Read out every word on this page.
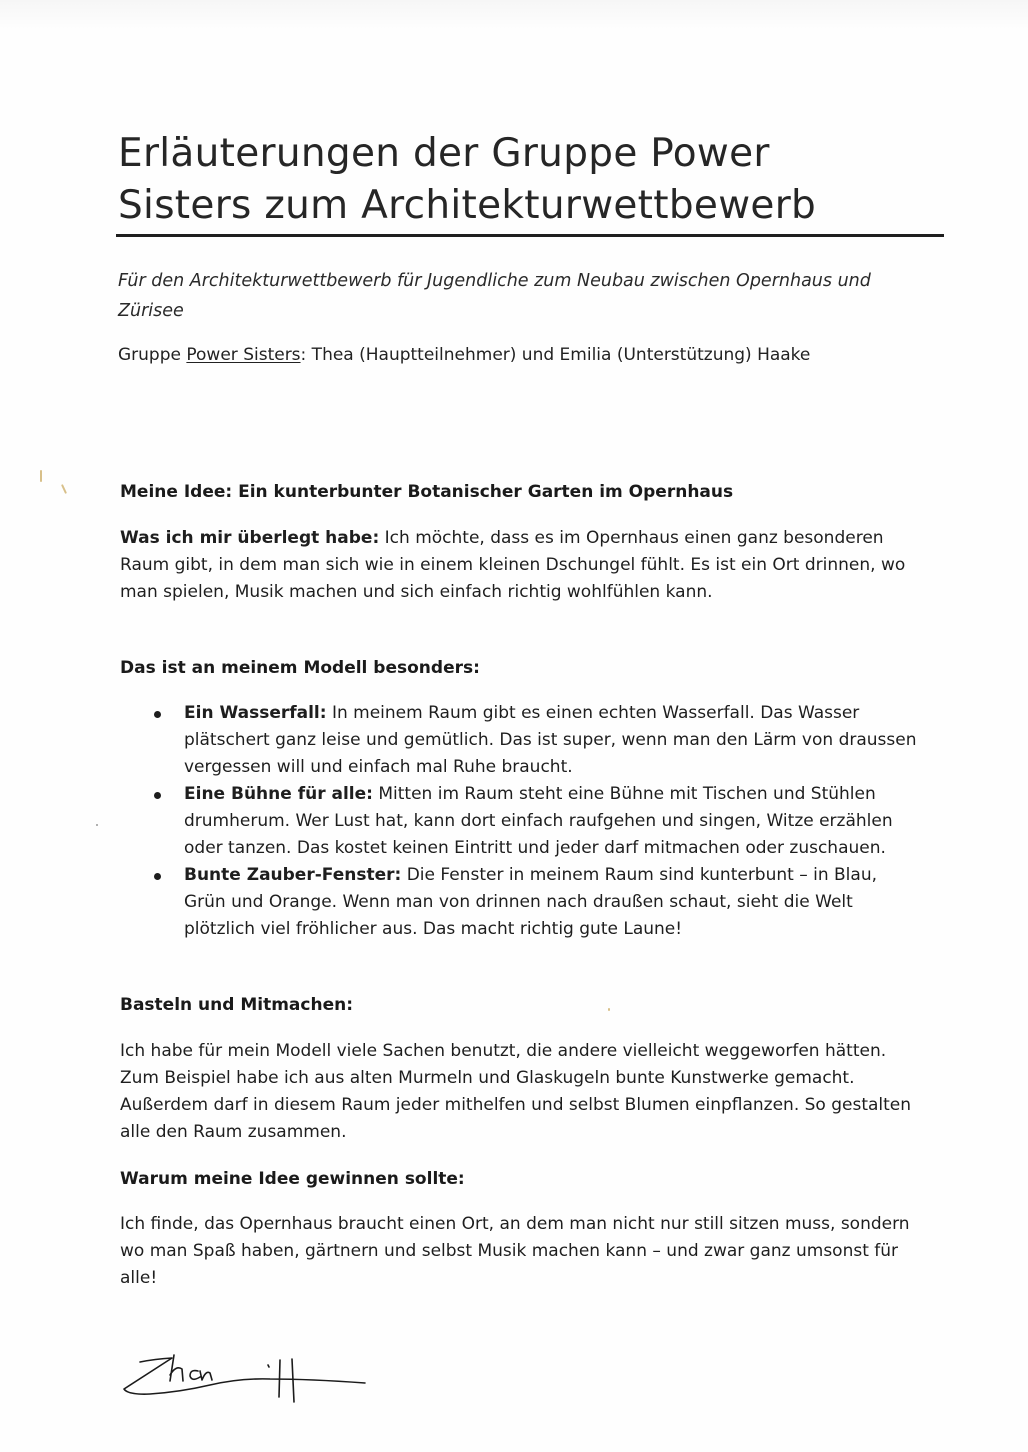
Erläuterungen der Gruppe Power
Sisters zum Architekturwettbewerb

Für den Architekturwettbewerb für Jugendliche zum Neubau zwischen Opernhaus und Zürisee

Gruppe Power Sisters: Thea (Hauptteilnehmer) und Emilia (Unterstützung) Haake

Meine Idee: Ein kunterbunter Botanischer Garten im Opernhaus

Was ich mir überlegt habe: Ich möchte, dass es im Opernhaus einen ganz besonderen Raum gibt, in dem man sich wie in einem kleinen Dschungel fühlt. Es ist ein Ort drinnen, wo man spielen, Musik machen und sich einfach richtig wohlfühlen kann.

Das ist an meinem Modell besonders:
Ein Wasserfall: In meinem Raum gibt es einen echten Wasserfall. Das Wasser plätschert ganz leise und gemütlich. Das ist super, wenn man den Lärm von draussen vergessen will und einfach mal Ruhe braucht.
Eine Bühne für alle: Mitten im Raum steht eine Bühne mit Tischen und Stühlen drumherum. Wer Lust hat, kann dort einfach raufgehen und singen, Witze erzählen oder tanzen. Das kostet keinen Eintritt und jeder darf mitmachen oder zuschauen.
Bunte Zauber-Fenster: Die Fenster in meinem Raum sind kunterbunt – in Blau, Grün und Orange. Wenn man von drinnen nach draußen schaut, sieht die Welt plötzlich viel fröhlicher aus. Das macht richtig gute Laune!
Basteln und Mitmachen:

Ich habe für mein Modell viele Sachen benutzt, die andere vielleicht weggeworfen hätten. Zum Beispiel habe ich aus alten Murmeln und Glaskugeln bunte Kunstwerke gemacht. Außerdem darf in diesem Raum jeder mithelfen und selbst Blumen einpflanzen. So gestalten alle den Raum zusammen.

Warum meine Idee gewinnen sollte:

Ich finde, das Opernhaus braucht einen Ort, an dem man nicht nur still sitzen muss, sondern wo man Spaß haben, gärtnern und selbst Musik machen kann – und zwar ganz umsonst für alle!
